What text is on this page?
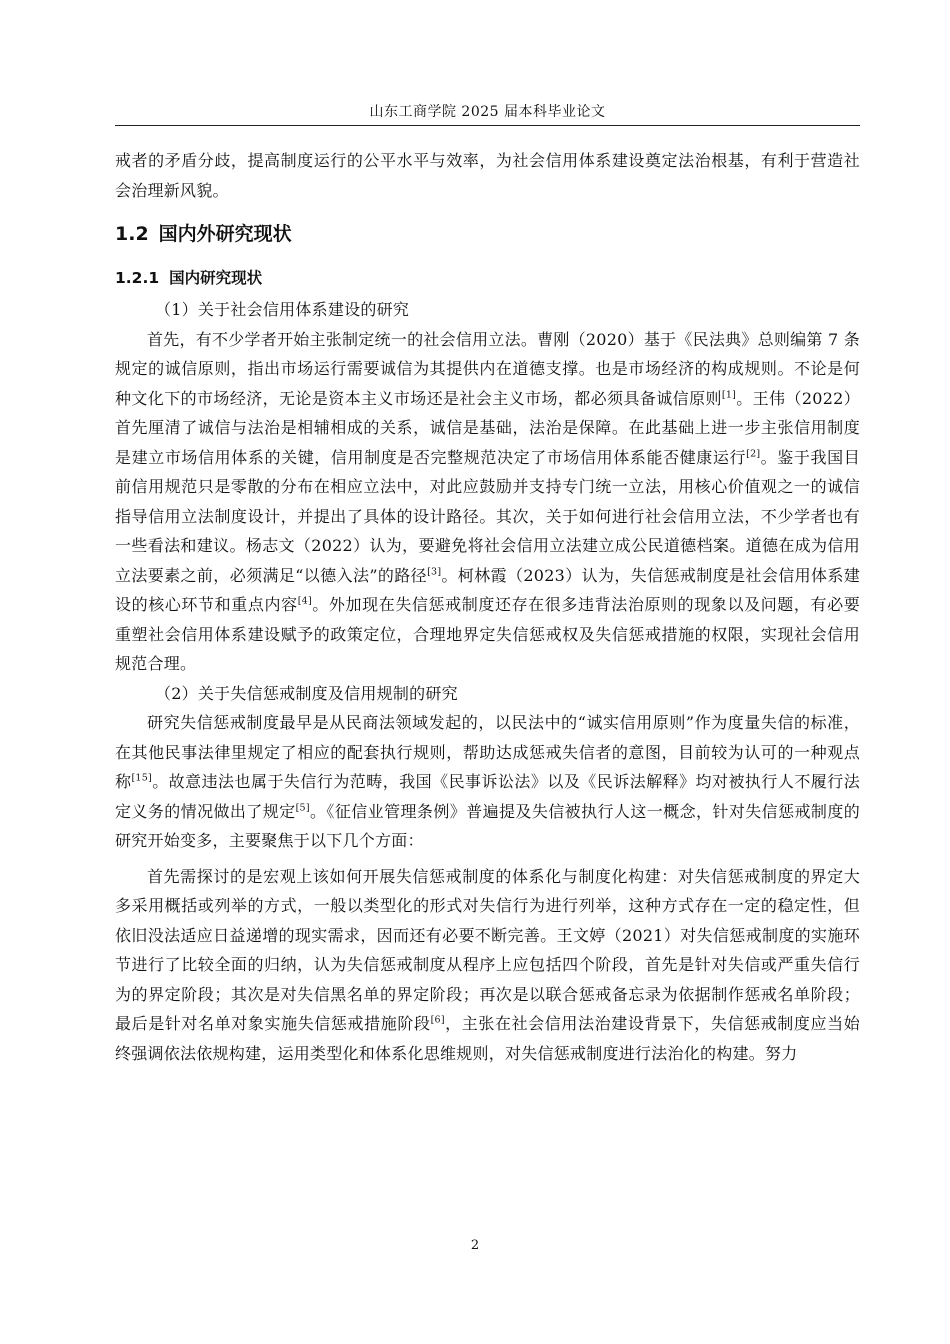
山东工商学院 2025 届本科毕业论文

戒者的矛盾分歧，提高制度运行的公平水平与效率，为社会信用体系建设奠定法治根基，有利于营造社会治理新风貌。

1.2 国内外研究现状
1.2.1 国内研究现状

（1）关于社会信用体系建设的研究

首先，有不少学者开始主张制定统一的社会信用立法。曹刚（2020）基于《民法典》总则编第 7 条规定的诚信原则，指出市场运行需要诚信为其提供内在道德支撑。也是市场经济的构成规则。不论是何种文化下的市场经济，无论是资本主义市场还是社会主义市场，都必须具备诚信原则[1]。王伟（2022）首先厘清了诚信与法治是相辅相成的关系，诚信是基础，法治是保障。在此基础上进一步主张信用制度是建立市场信用体系的关键，信用制度是否完整规范决定了市场信用体系能否健康运行[2]。鉴于我国目前信用规范只是零散的分布在相应立法中，对此应鼓励并支持专门统一立法，用核心价值观之一的诚信指导信用立法制度设计，并提出了具体的设计路径。其次，关于如何进行社会信用立法，不少学者也有一些看法和建议。杨志文（2022）认为，要避免将社会信用立法建立成公民道德档案。道德在成为信用立法要素之前，必须满足“以德入法”的路径[3]。柯林霞（2023）认为，失信惩戒制度是社会信用体系建设的核心环节和重点内容[4]。外加现在失信惩戒制度还存在很多违背法治原则的现象以及问题，有必要重塑社会信用体系建设赋予的政策定位，合理地界定失信惩戒权及失信惩戒措施的权限，实现社会信用规范合理。

（2）关于失信惩戒制度及信用规制的研究

研究失信惩戒制度最早是从民商法领域发起的，以民法中的“诚实信用原则”作为度量失信的标准，在其他民事法律里规定了相应的配套执行规则，帮助达成惩戒失信者的意图，目前较为认可的一种观点称[15]。故意违法也属于失信行为范畴，我国《民事诉讼法》以及《民诉法解释》均对被执行人不履行法定义务的情况做出了规定[5]。《征信业管理条例》普遍提及失信被执行人这一概念，针对失信惩戒制度的研究开始变多，主要聚焦于以下几个方面：

首先需探讨的是宏观上该如何开展失信惩戒制度的体系化与制度化构建：对失信惩戒制度的界定大多采用概括或列举的方式，一般以类型化的形式对失信行为进行列举，这种方式存在一定的稳定性，但依旧没法适应日益递增的现实需求，因而还有必要不断完善。王文婷（2021）对失信惩戒制度的实施环节进行了比较全面的归纳，认为失信惩戒制度从程序上应包括四个阶段，首先是针对失信或严重失信行为的界定阶段；其次是对失信黑名单的界定阶段；再次是以联合惩戒备忘录为依据制作惩戒名单阶段；最后是针对名单对象实施失信惩戒措施阶段[6]，主张在社会信用法治建设背景下，失信惩戒制度应当始终强调依法依规构建，运用类型化和体系化思维规则，对失信惩戒制度进行法治化的构建。努力

2
